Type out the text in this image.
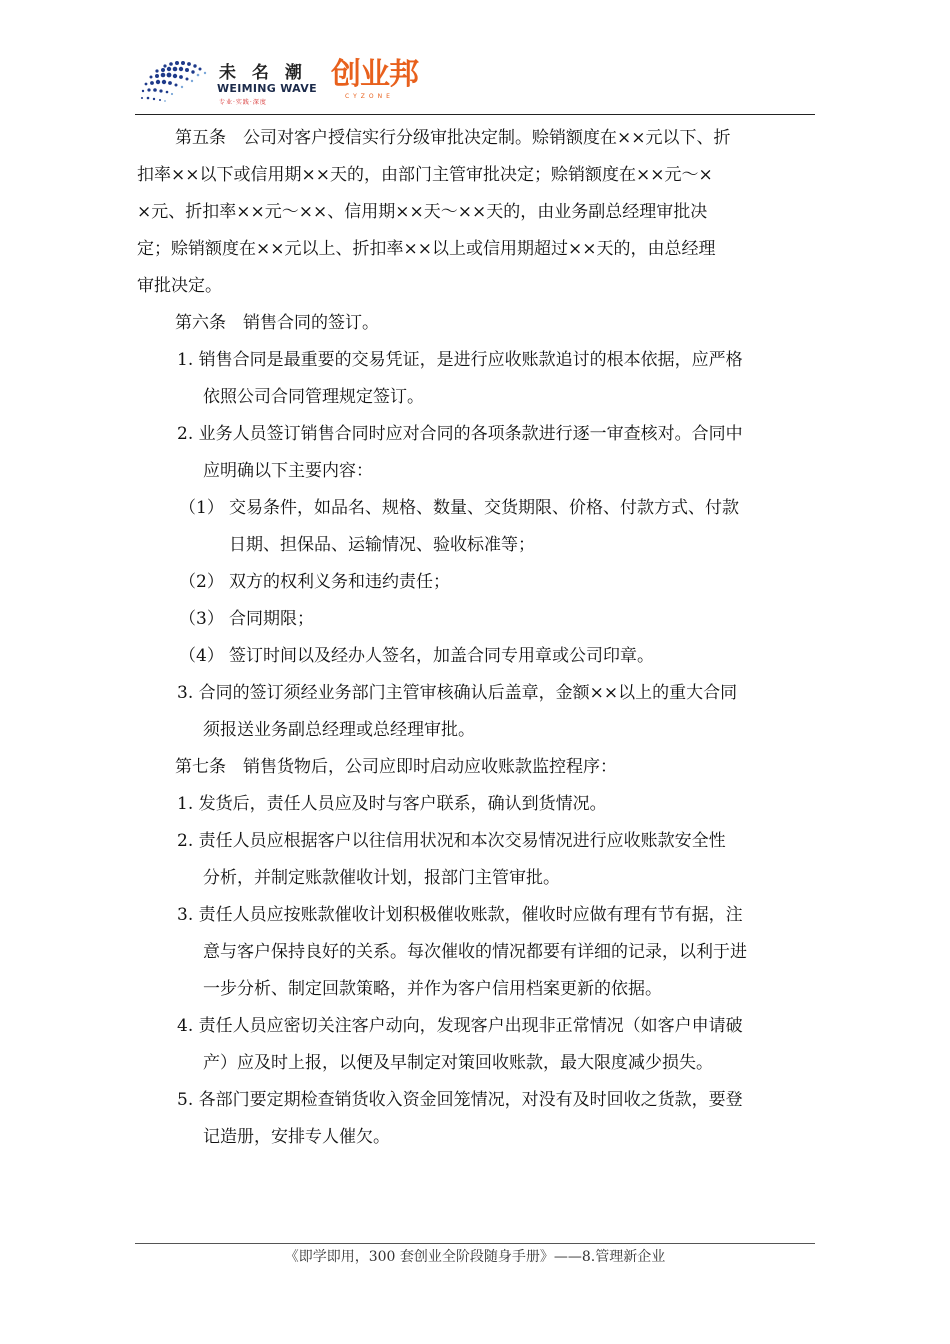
未 名 潮
WEIMING WAVE
专业·实践·深度
创业邦
CYZONE
第五条　公司对客户授信实行分级审批决定制。赊销额度在××元以下、折
扣率××以下或信用期××天的，由部门主管审批决定；赊销额度在××元～×
×元、折扣率××元～××、信用期××天～××天的，由业务副总经理审批决
定；赊销额度在××元以上、折扣率××以上或信用期超过××天的，由总经理
审批决定。
第六条　销售合同的签订。
1. 销售合同是最重要的交易凭证，是进行应收账款追讨的根本依据，应严格
依照公司合同管理规定签订。
2. 业务人员签订销售合同时应对合同的各项条款进行逐一审查核对。合同中
应明确以下主要内容：
（1） 交易条件，如品名、规格、数量、交货期限、价格、付款方式、付款
日期、担保品、运输情况、验收标准等；
（2） 双方的权利义务和违约责任；
（3） 合同期限；
（4） 签订时间以及经办人签名，加盖合同专用章或公司印章。
3. 合同的签订须经业务部门主管审核确认后盖章，金额××以上的重大合同
须报送业务副总经理或总经理审批。
第七条　销售货物后，公司应即时启动应收账款监控程序：
1. 发货后，责任人员应及时与客户联系，确认到货情况。
2. 责任人员应根据客户以往信用状况和本次交易情况进行应收账款安全性
分析，并制定账款催收计划，报部门主管审批。
3. 责任人员应按账款催收计划积极催收账款，催收时应做有理有节有据，注
意与客户保持良好的关系。每次催收的情况都要有详细的记录，以利于进
一步分析、制定回款策略，并作为客户信用档案更新的依据。
4. 责任人员应密切关注客户动向，发现客户出现非正常情况（如客户申请破
产）应及时上报，以便及早制定对策回收账款，最大限度减少损失。
5. 各部门要定期检查销货收入资金回笼情况，对没有及时回收之货款，要登
记造册，安排专人催欠。
《即学即用，300 套创业全阶段随身手册》——8.管理新企业
